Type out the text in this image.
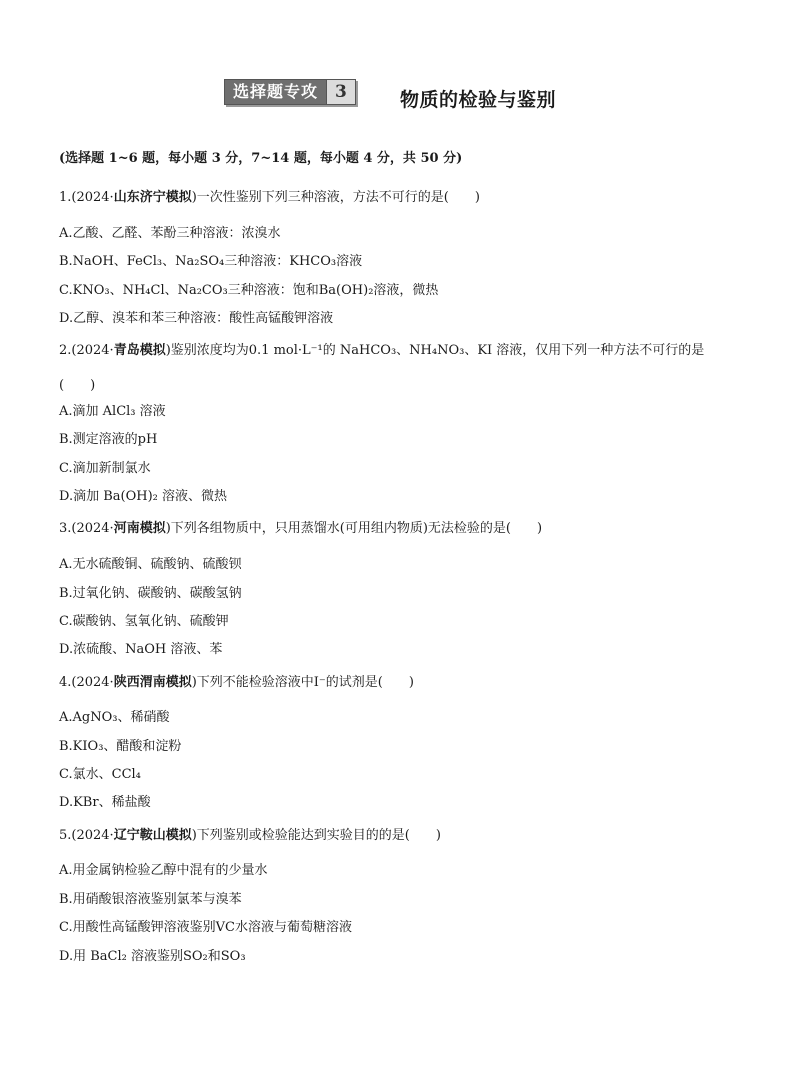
选择题专攻	3	物质的检验与鉴别
(选择题 1~6 题，每小题 3 分，7~14 题，每小题 4 分，共 50 分)
1.(2024·山东济宁模拟)一次性鉴别下列三种溶液，方法不可行的是(　　)
A.乙酸、乙醛、苯酚三种溶液：浓溴水
B.NaOH、FeCl₃、Na₂SO₄三种溶液：KHCO₃溶液
C.KNO₃、NH₄Cl、Na₂CO₃三种溶液：饱和Ba(OH)₂溶液，微热
D.乙醇、溴苯和苯三种溶液：酸性高锰酸钾溶液
2.(2024·青岛模拟)鉴别浓度均为0.1 mol·L⁻¹的 NaHCO₃、NH₄NO₃、KI 溶液，仅用下列一种方法不可行的是
(　　)
A.滴加 AlCl₃ 溶液
B.测定溶液的pH
C.滴加新制氯水
D.滴加 Ba(OH)₂ 溶液、微热
3.(2024·河南模拟)下列各组物质中，只用蒸馏水(可用组内物质)无法检验的是(　　)
A.无水硫酸铜、硫酸钠、硫酸钡
B.过氧化钠、碳酸钠、碳酸氢钠
C.碳酸钠、氢氧化钠、硫酸钾
D.浓硫酸、NaOH 溶液、苯
4.(2024·陕西渭南模拟)下列不能检验溶液中I⁻的试剂是(　　)
A.AgNO₃、稀硝酸
B.KIO₃、醋酸和淀粉
C.氯水、CCl₄
D.KBr、稀盐酸
5.(2024·辽宁鞍山模拟)下列鉴别或检验能达到实验目的的是(　　)
A.用金属钠检验乙醇中混有的少量水
B.用硝酸银溶液鉴别氯苯与溴苯
C.用酸性高锰酸钾溶液鉴别VC水溶液与葡萄糖溶液
D.用 BaCl₂ 溶液鉴别SO₂和SO₃
